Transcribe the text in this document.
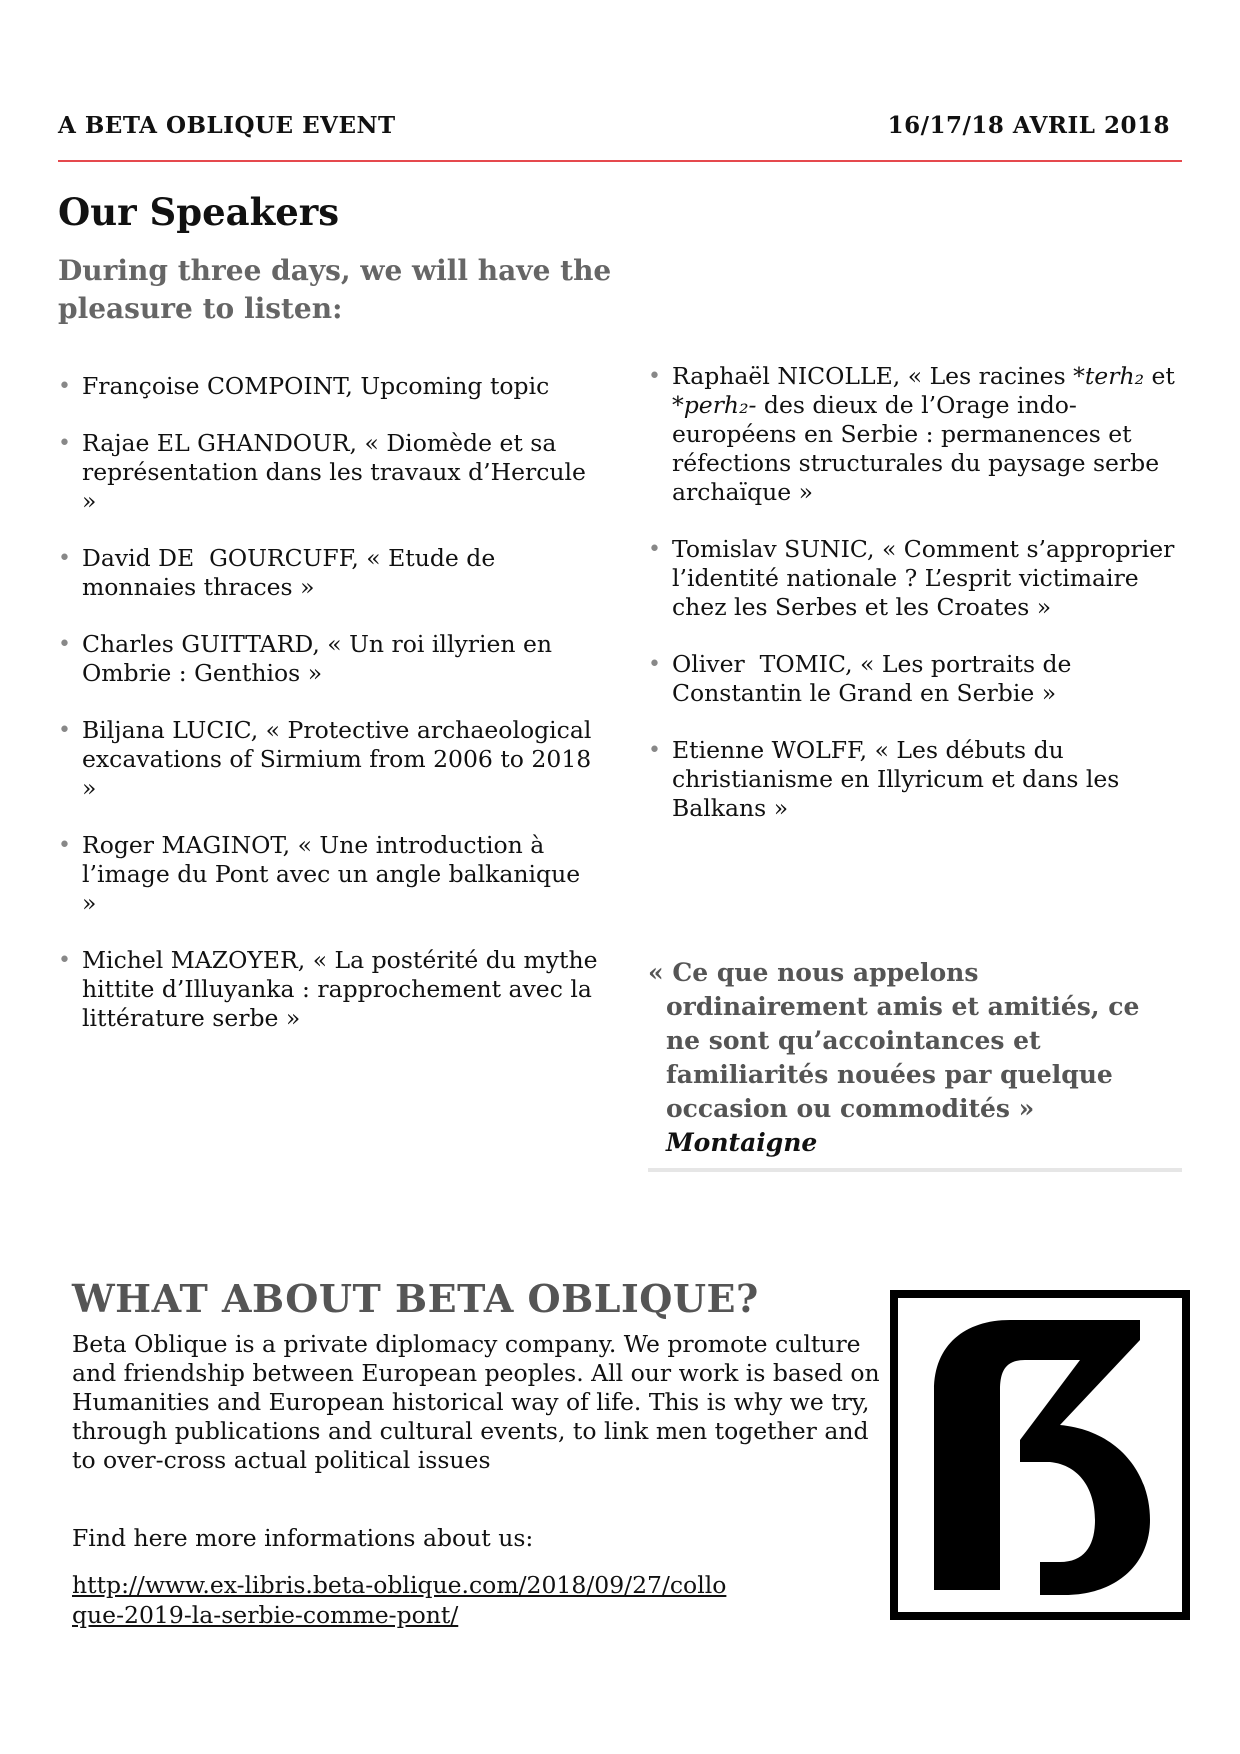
A BETA OBLIQUE EVENT	16/17/18 AVRIL 2018
Our Speakers

During three days, we will have the pleasure to listen:

• Françoise COMPOINT, Upcoming topic
• Rajae EL GHANDOUR, « Diomède et sa représentation dans les travaux d’Hercule »
• David DE  GOURCUFF, « Etude de monnaies thraces »
• Charles GUITTARD, « Un roi illyrien en Ombrie : Genthios »
• Biljana LUCIC, « Protective archaeological excavations of Sirmium from 2006 to 2018 »
• Roger MAGINOT, « Une introduction à l’image du Pont avec un angle balkanique »
• Michel MAZOYER, « La postérité du mythe hittite d’Illuyanka : rapprochement avec la littérature serbe »
• Raphaël NICOLLE, « Les racines *terh₂ et *perh₂- des dieux de l’Orage indo-européens en Serbie : permanences et réfections structurales du paysage serbe archaïque »
• Tomislav SUNIC, « Comment s’approprier l’identité nationale ? L’esprit victimaire chez les Serbes et les Croates »
• Oliver  TOMIC, « Les portraits de Constantin le Grand en Serbie »
• Etienne WOLFF, « Les débuts du christianisme en Illyricum et dans les Balkans »

« Ce que nous appelons ordinairement amis et amitiés, ce ne sont qu’accointances et familiarités nouées par quelque occasion ou commodités »

Montaigne

WHAT ABOUT BETA OBLIQUE?

Beta Oblique is a private diplomacy company. We promote culture and friendship between European peoples. All our work is based on Humanities and European historical way of life. This is why we try, through publications and cultural events, to link men together and to over-cross actual political issues

Find here more informations about us:

http://www.ex-libris.beta-oblique.com/2018/09/27/colloque-2019-la-serbie-comme-pont/
